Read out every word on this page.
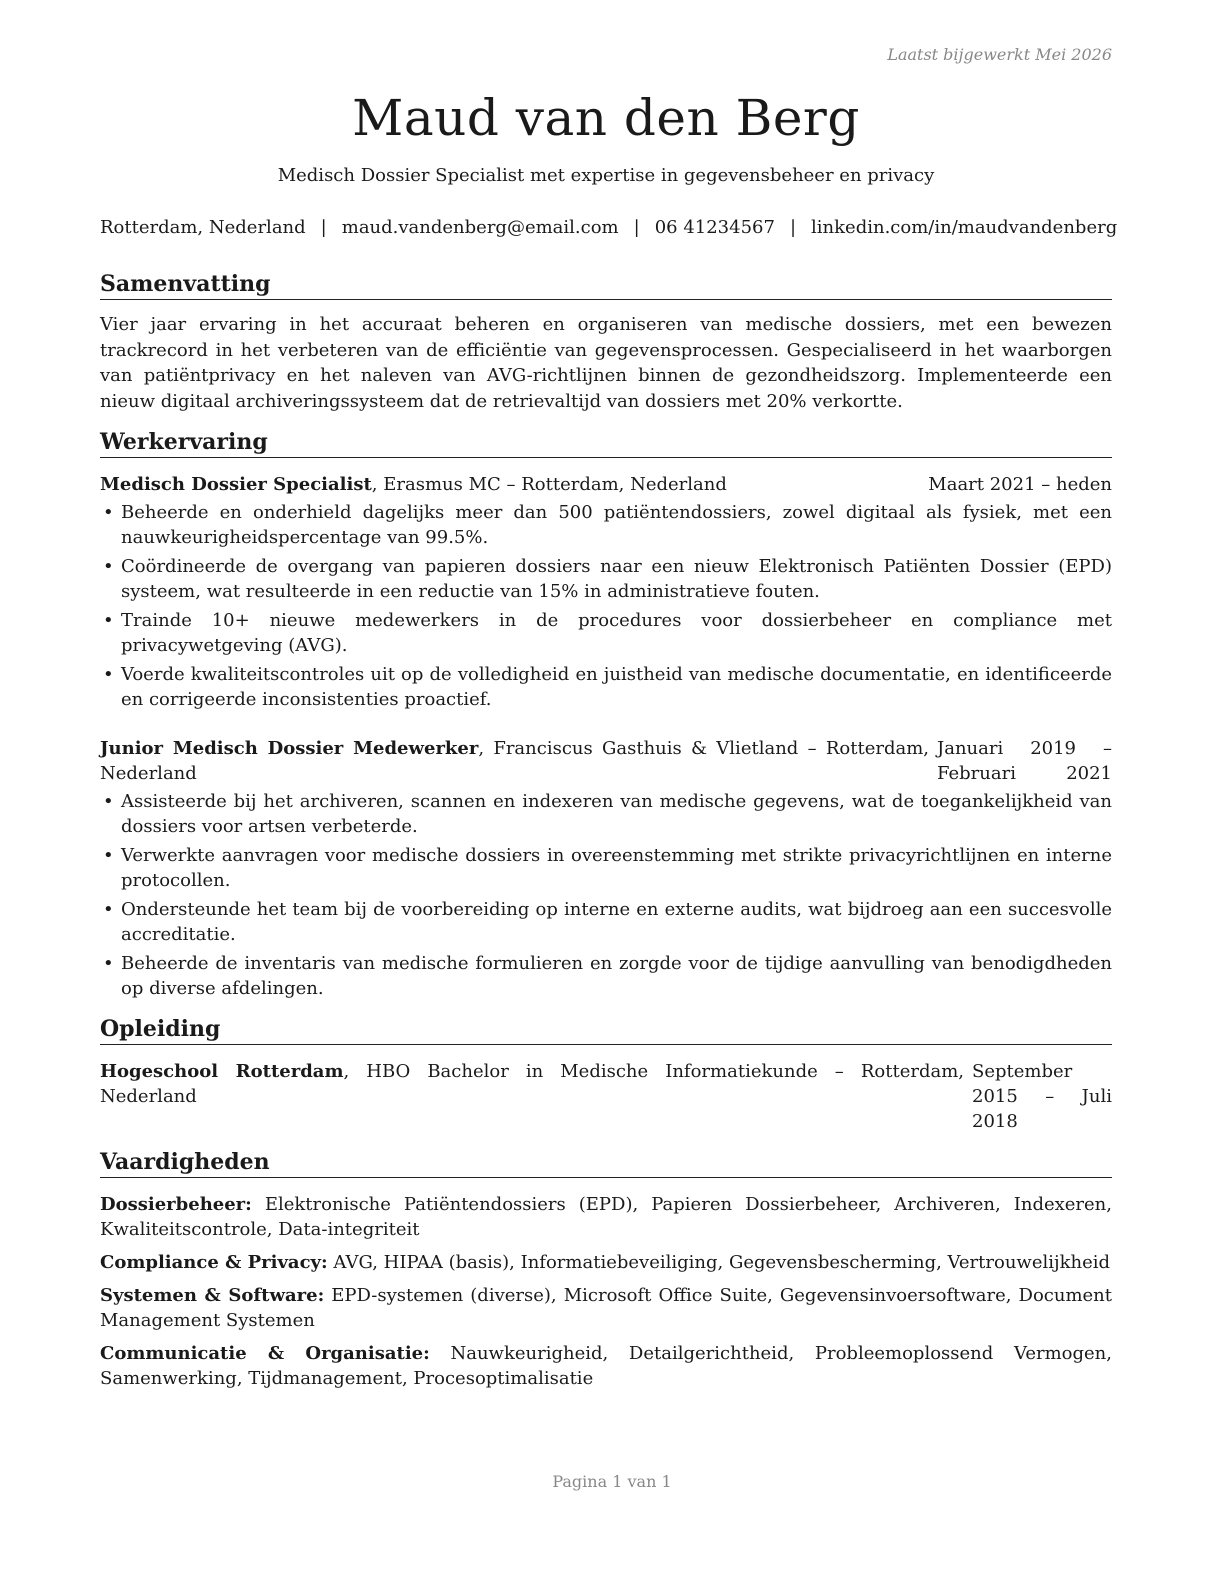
Laatst bijgewerkt Mei 2026
Maud van den Berg
Medisch Dossier Specialist met expertise in gegevensbeheer en privacy
Rotterdam, Nederland | maud.vandenberg@email.com | 06 41234567 | linkedin.com/in/maudvandenberg
Samenvatting

Vier jaar ervaring in het accuraat beheren en organiseren van medische dossiers, met een bewezen trackrecord in het verbeteren van de efficiëntie van gegevensprocessen. Gespecialiseerd in het waarborgen van patiëntprivacy en het naleven van AVG-richtlijnen binnen de gezondheidszorg. Implementeerde een nieuw digitaal archiveringssysteem dat de retrievaltijd van dossiers met 20% verkortte.

Werkervaring
Medisch Dossier Specialist, Erasmus MC – Rotterdam, Nederland	Maart 2021 – heden
• Beheerde en onderhield dagelijks meer dan 500 patiëntendossiers, zowel digitaal als fysiek, met een nauwkeurigheidspercentage van 99.5%.
• Coördineerde de overgang van papieren dossiers naar een nieuw Elektronisch Patiënten Dossier (EPD) systeem, wat resulteerde in een reductie van 15% in administratieve fouten.
• Trainde 10+ nieuwe medewerkers in de procedures voor dossierbeheer en compliance met privacywetgeving (AVG).
• Voerde kwaliteitscontroles uit op de volledigheid en juistheid van medische documentatie, en identificeerde en corrigeerde inconsistenties proactief.
Junior Medisch Dossier Medewerker, Franciscus Gasthuis & Vlietland – Rotterdam, Nederland
Januari 2019 – Februari 2021
• Assisteerde bij het archiveren, scannen en indexeren van medische gegevens, wat de toegankelijkheid van dossiers voor artsen verbeterde.
• Verwerkte aanvragen voor medische dossiers in overeenstemming met strikte privacyrichtlijnen en interne protocollen.
• Ondersteunde het team bij de voorbereiding op interne en externe audits, wat bijdroeg aan een succesvolle accreditatie.
• Beheerde de inventaris van medische formulieren en zorgde voor de tijdige aanvulling van benodigdheden op diverse afdelingen.
Opleiding
Hogeschool Rotterdam, HBO Bachelor in Medische Informatiekunde – Rotterdam, Nederland
September 2015 – Juli 2018
Vaardigheden
Dossierbeheer: Elektronische Patiëntendossiers (EPD), Papieren Dossierbeheer, Archiveren, Indexeren, Kwaliteitscontrole, Data-integriteit
Compliance & Privacy: AVG, HIPAA (basis), Informatiebeveiliging, Gegevensbescherming, Vertrouwelijkheid
Systemen & Software: EPD-systemen (diverse), Microsoft Office Suite, Gegevensinvoersoftware, Document Management Systemen
Communicatie & Organisatie: Nauwkeurigheid, Detailgerichtheid, Probleemoplossend Vermogen, Samenwerking, Tijdmanagement, Procesoptimalisatie
Pagina 1 van 1
